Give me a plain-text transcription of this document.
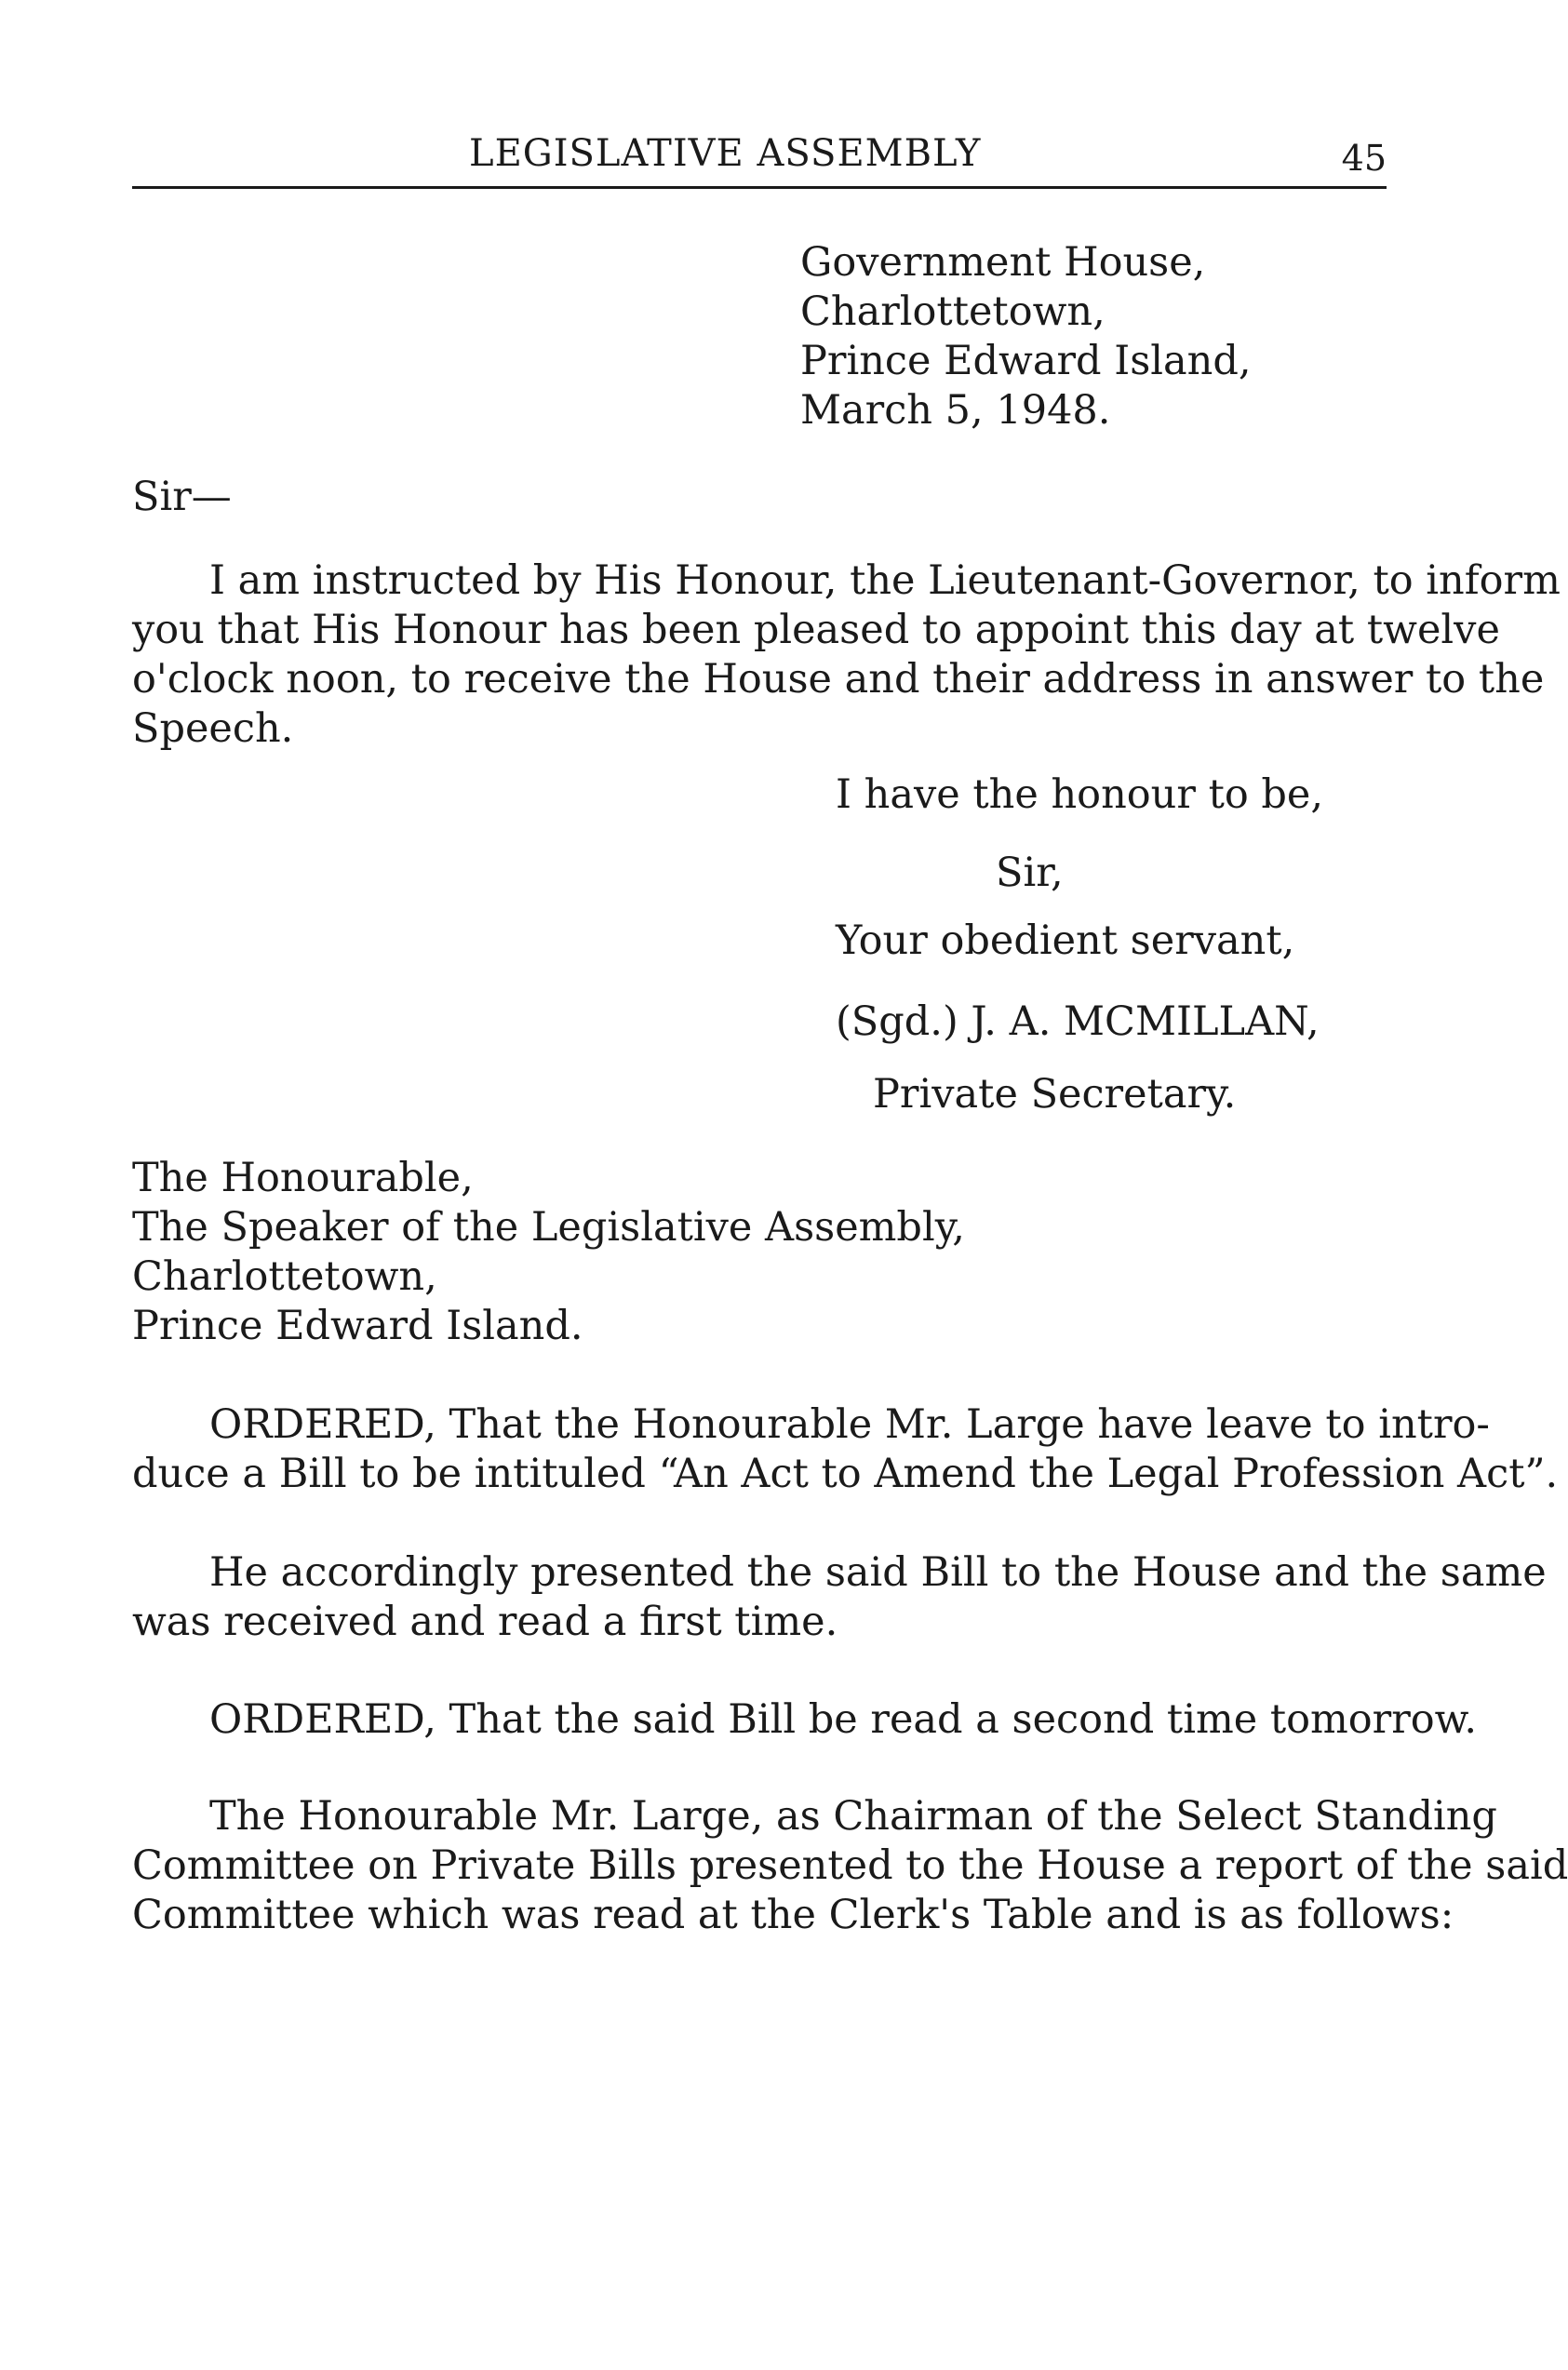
LEGISLATIVE ASSEMBLY	45
Government House,
Charlottetown,
Prince Edward Island,
March 5, 1948.
Sir—
I am instructed by His Honour, the Lieutenant-Governor, to inform
you that His Honour has been pleased to appoint this day at twelve
o'clock noon, to receive the House and their address in answer to the
Speech.
I have the honour to be,
Sir,
Your obedient servant,
(Sgd.) J. A. MCMILLAN,
Private Secretary.
The Honourable,
The Speaker of the Legislative Assembly,
Charlottetown,
Prince Edward Island.
ORDERED, That the Honourable Mr. Large have leave to intro-
duce a Bill to be intituled “An Act to Amend the Legal Profession Act”.
He accordingly presented the said Bill to the House and the same
was received and read a first time.
ORDERED, That the said Bill be read a second time tomorrow.
The Honourable Mr. Large, as Chairman of the Select Standing
Committee on Private Bills presented to the House a report of the said
Committee which was read at the Clerk's Table and is as follows:
